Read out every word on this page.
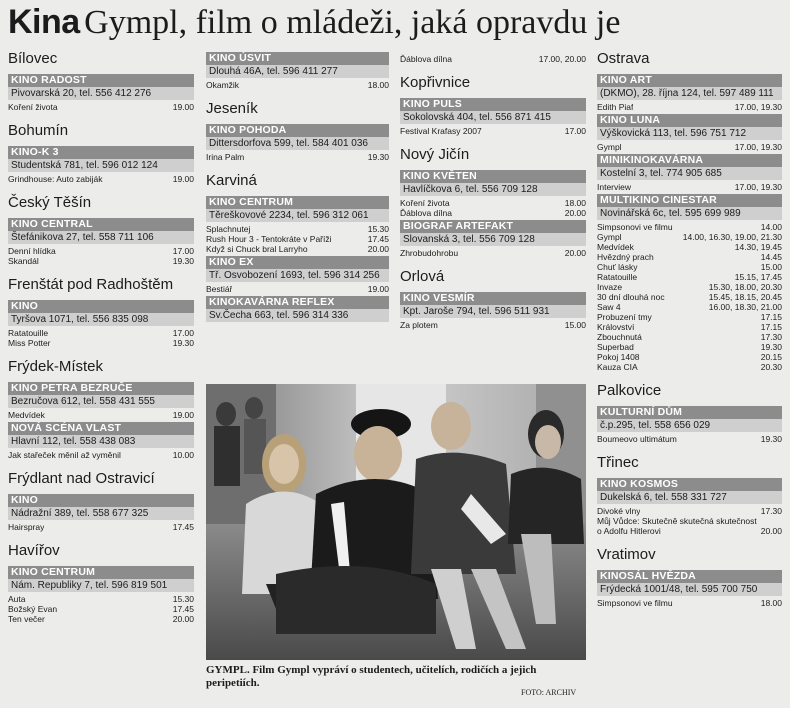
Kina Gympl, film o mládeži, jaká opravdu je
Bílovec
KINO RADOST
Pivovarská 20, tel. 556 412 276
Koření života	19.00
Bohumín
KINO-K 3
Studentská 781, tel. 596 012 124
Grindhouse: Auto zabiják	19.00
Český Těšín
KINO CENTRAL
Štefánikova 27, tel. 558 711 106
Denní hlídka	17.00
Skandál	19.30
Frenštát pod Radhoštěm
KINO
Tyršova 1071, tel. 556 835 098
Ratatouille	17.00
Miss Potter	19.30
Frýdek-Místek
KINO PETRA BEZRUČE
Bezručova 612, tel. 558 431 555
Medvídek	19.00
NOVÁ SCÉNA VLAST
Hlavní 112, tel. 558 438 083
Jak stařeček měnil až vyměnil	10.00
Frýdlant nad Ostravicí
KINO
Nádražní 389, tel. 558 677 325
Hairspray	17.45
Havířov
KINO CENTRUM
Nám. Republiky 7, tel. 596 819 501
Auta	15.30
Božský Evan	17.45
Ten večer	20.00
KINO ÚSVIT
Dlouhá 46A, tel. 596 411 277
Okamžik	18.00
Jeseník
KINO POHODA
Dittersdorfova 599, tel. 584 401 036
Irina Palm	19.30
Karviná
KINO CENTRUM
Těreškovové 2234, tel. 596 312 061
Splachnutej	15.30
Rush Hour 3 - Tentokráte v Paříži	17.45
Když si Chuck bral Larryho	20.00
KINO EX
Tř. Osvobození 1693, tel. 596 314 256
Bestiář	19.00
KINOKAVÁRNA REFLEX
Sv.Čecha 663, tel. 596 314 336
Ďáblova dílna	17.00, 20.00
Kopřivnice
KINO PULS
Sokolovská 404, tel. 556 871 415
Festival Krafasy 2007	17.00
Nový Jičín
KINO KVĚTEN
Havlíčkova 6, tel. 556 709 128
Koření života	18.00
Ďáblova dílna	20.00
BIOGRAF ARTEFAKT
Slovanská 3, tel. 556 709 128
Zhrobudohrobu	20.00
Orlová
KINO VESMÍR
Kpt. Jaroše 794, tel. 596 511 931
Za plotem	15.00
Ostrava
KINO ART
(DKMO), 28. října 124, tel. 597 489 111
Edith Piaf	17.00, 19.30
KINO LUNA
Výškovická 113, tel. 596 751 712
Gympl	17.00, 19.30
MINIKINOKAVÁRNA
Kostelní 3, tel. 774 905 685
Interview	17.00, 19.30
MULTIKINO CINESTAR
Novinářská 6c, tel. 595 699 989
Simpsonovi ve filmu	14.00
Gympl	14.00, 16.30, 19.00, 21.30
Medvídek	14.30, 19.45
Hvězdný prach	14.45
Chuť lásky	15.00
Ratatouille	15.15, 17.45
Invaze	15.30, 18.00, 20.30
30 dní dlouhá noc	15.45, 18.15, 20.45
Saw 4	16.00, 18.30, 21.00
Probuzení tmy	17.15
Království	17.15
Zbouchnutá	17.30
Superbad	19.30
Pokoj 1408	20.15
Kauza CIA	20.30
Palkovice
KULTURNÍ DŮM
č.p.295, tel. 558 656 029
Boumeovo ultimátum	19.30
Třinec
KINO KOSMOS
Dukelská 6, tel. 558 331 727
Divoké vlny	17.30
Můj Vůdce: Skutečně skutečná skutečnost
o Adolfu Hitlerovi	20.00
Vratimov
KINOSÁL HVĚZDA
Frýdecká 1001/48, tel. 595 700 750
Simpsonovi ve filmu	18.00
GYMPL. Film Gympl vypráví o studentech, učitelích, rodičích a jejich peripetiích.
FOTO: ARCHIV
